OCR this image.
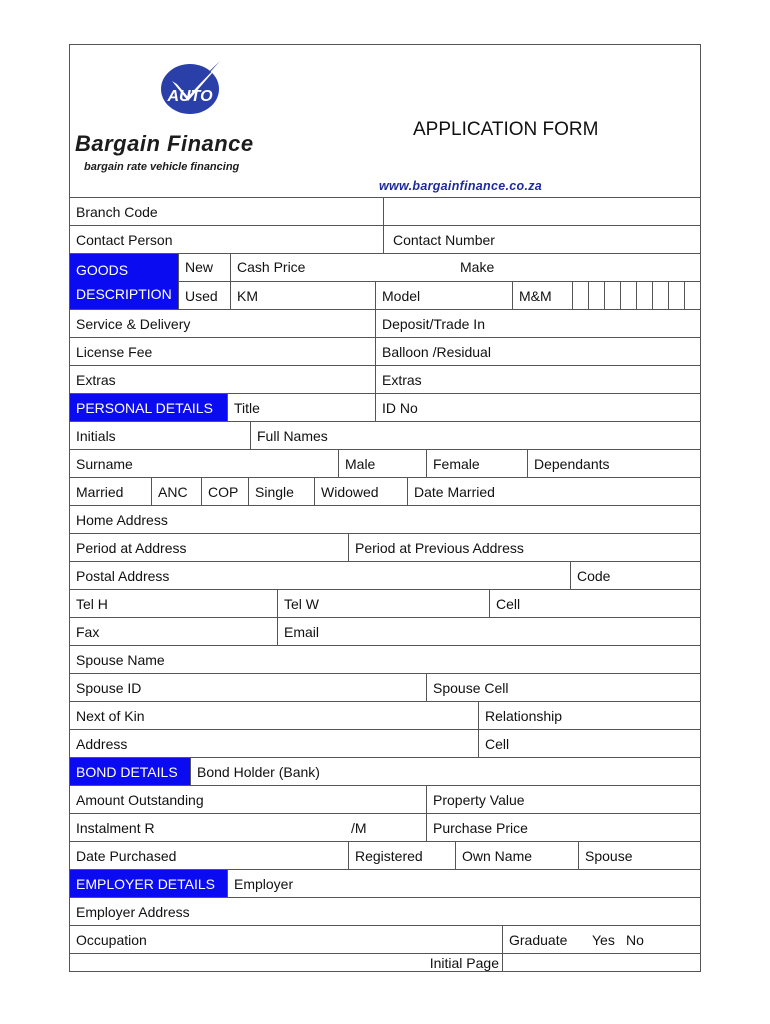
AUTO
Bargain Finance
bargain rate vehicle financing
APPLICATION FORM
www.bargainfinance.co.za
Branch Code
Contact Person	Contact Number
GOODS DESCRIPTION
New	Cash Price	Make
Used	KM	Model	M&M
Service & Delivery	Deposit/Trade In
License Fee	Balloon /Residual
Extras	Extras
PERSONAL DETAILS	Title	ID No
Initials	Full Names
Surname	Male	Female	Dependants
Married	ANC	COP	Single	Widowed	Date Married
Home Address
Period at Address	Period at Previous Address
Postal Address	Code
Tel H	Tel W	Cell
Fax	Email
Spouse Name
Spouse ID	Spouse Cell
Next of Kin	Relationship
Address	Cell
BOND DETAILS	Bond Holder (Bank)
Amount Outstanding	Property Value
Instalment R	/M	Purchase Price
Date Purchased	Registered	Own Name	Spouse
EMPLOYER DETAILS	Employer
Employer Address
Occupation	Graduate	Yes No
Initial Page
